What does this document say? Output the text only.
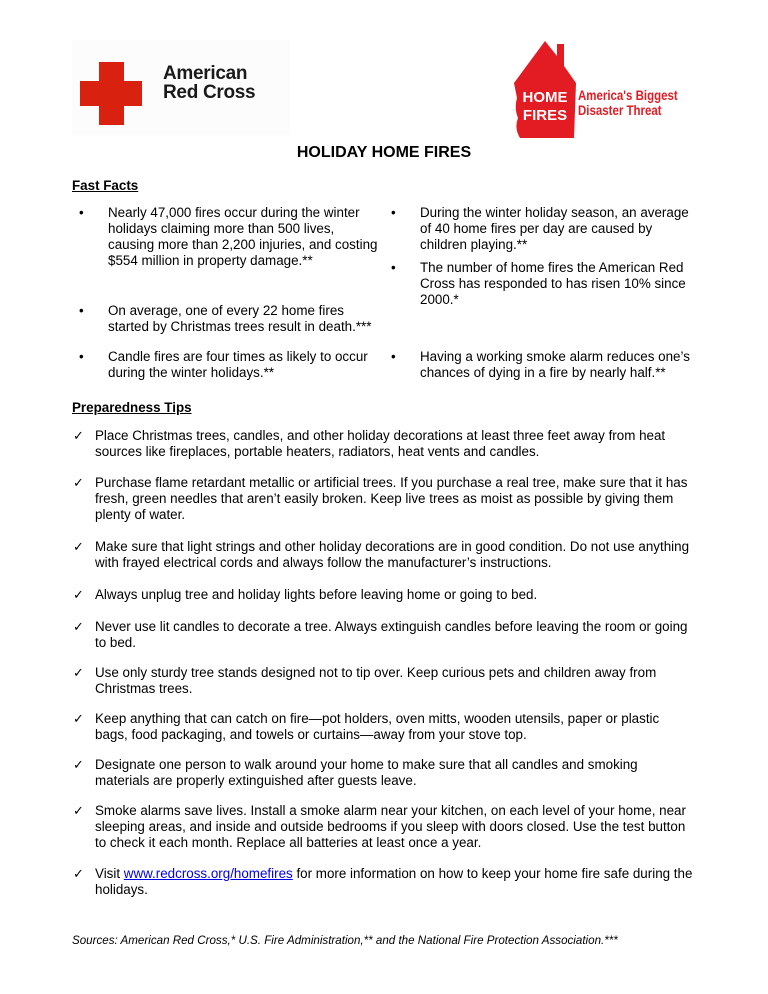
American Red Cross	HOME
FIRES
America's Biggest
Disaster Threat
HOLIDAY HOME FIRES
Fast Facts
• Nearly 47,000 fires occur during the winter holidays claiming more than 500 lives, causing more than 2,200 injuries, and costing $554 million in property damage.**
• On average, one of every 22 home fires started by Christmas trees result in death.***
• Candle fires are four times as likely to occur during the winter holidays.**
• During the winter holiday season, an average of 40 home fires per day are caused by children playing.**
• The number of home fires the American Red Cross has responded to has risen 10% since 2000.*
• Having a working smoke alarm reduces one’s chances of dying in a fire by nearly half.**
Preparedness Tips
✓ Place Christmas trees, candles, and other holiday decorations at least three feet away from heat sources like fireplaces, portable heaters, radiators, heat vents and candles.
✓ Purchase flame retardant metallic or artificial trees. If you purchase a real tree, make sure that it has fresh, green needles that aren’t easily broken. Keep live trees as moist as possible by giving them plenty of water.
✓ Make sure that light strings and other holiday decorations are in good condition. Do not use anything with frayed electrical cords and always follow the manufacturer’s instructions.
✓ Always unplug tree and holiday lights before leaving home or going to bed.
✓ Never use lit candles to decorate a tree. Always extinguish candles before leaving the room or going to bed.
✓ Use only sturdy tree stands designed not to tip over. Keep curious pets and children away from Christmas trees.
✓ Keep anything that can catch on fire—pot holders, oven mitts, wooden utensils, paper or plastic bags, food packaging, and towels or curtains—away from your stove top.
✓ Designate one person to walk around your home to make sure that all candles and smoking materials are properly extinguished after guests leave.
✓ Smoke alarms save lives. Install a smoke alarm near your kitchen, on each level of your home, near sleeping areas, and inside and outside bedrooms if you sleep with doors closed. Use the test button to check it each month. Replace all batteries at least once a year.
✓ Visit www.redcross.org/homefires for more information on how to keep your home fire safe during the holidays.
Sources: American Red Cross,* U.S. Fire Administration,** and the National Fire Protection Association.***
